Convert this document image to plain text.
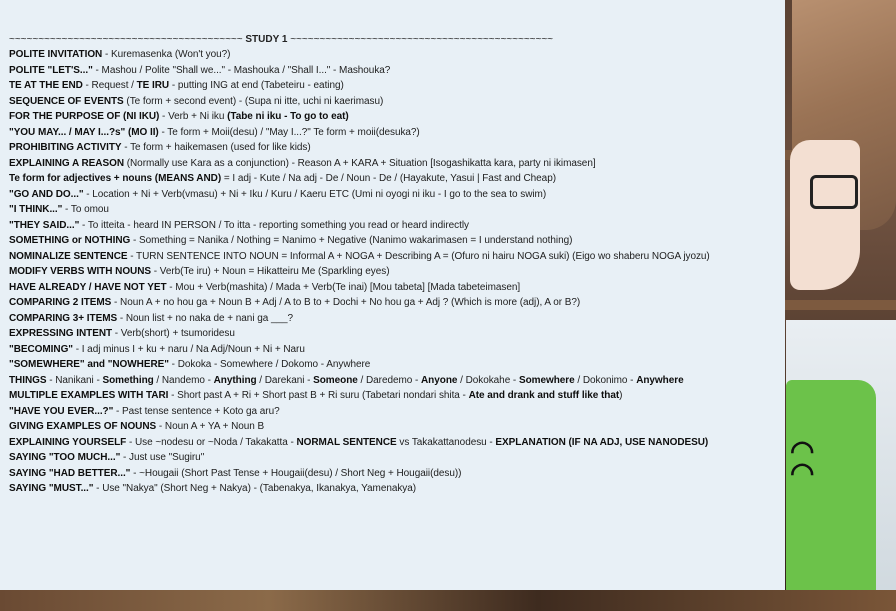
◠
◠
~~~~~~~~~~~~~~~~~~~~~~~~~~~~~~~~~~~~~~~~ STUDY 1 ~~~~~~~~~~~~~~~~~~~~~~~~~~~~~~~~~~~~~~~~~~~~~
POLITE INVITATION - Kuremasenka (Won't you?)
POLITE "LET'S..." - Mashou / Polite "Shall we..." - Mashouka / "Shall I..." - Mashouka?
TE AT THE END - Request / TE IRU - putting ING at end (Tabeteiru - eating)
SEQUENCE OF EVENTS (Te form + second event) - (Supa ni itte, uchi ni kaerimasu)
FOR THE PURPOSE OF (NI IKU) - Verb + Ni iku (Tabe ni iku - To go to eat)
"YOU MAY... / MAY I...?s" (MO II) - Te form + Moii(desu) / "May I...?" Te form + moii(desuka?)
PROHIBITING ACTIVITY - Te form + haikemasen (used for like kids)
EXPLAINING A REASON (Normally use Kara as a conjunction) - Reason A + KARA + Situation [Isogashikatta kara, party ni ikimasen]
Te form for adjectives + nouns (MEANS AND) = I adj - Kute / Na adj - De / Noun - De / (Hayakute, Yasui | Fast and Cheap)
"GO AND DO..." - Location + Ni + Verb(vmasu) + Ni + Iku / Kuru / Kaeru ETC (Umi ni oyogi ni iku - I go to the sea to swim)
"I THINK..." - To omou
"THEY SAID..." - To itteita - heard IN PERSON / To itta - reporting something you read or heard indirectly
SOMETHING or NOTHING - Something = Nanika / Nothing = Nanimo + Negative (Nanimo wakarimasen = I understand nothing)
NOMINALIZE SENTENCE - TURN SENTENCE INTO NOUN = Informal A + NOGA + Describing A = (Ofuro ni hairu NOGA suki) (Eigo wo shaberu NOGA jyozu)
MODIFY VERBS WITH NOUNS - Verb(Te iru) + Noun = Hikatteiru Me (Sparkling eyes)
HAVE ALREADY / HAVE NOT YET - Mou + Verb(mashita) / Mada + Verb(Te inai) [Mou tabeta] [Mada tabeteimasen]
COMPARING 2 ITEMS - Noun A + no hou ga + Noun B + Adj / A to B to + Dochi + No hou ga + Adj ? (Which is more (adj), A or B?)
COMPARING 3+ ITEMS - Noun list + no naka de + nani ga ___?
EXPRESSING INTENT - Verb(short) + tsumoridesu
"BECOMING" - I adj minus I + ku + naru / Na Adj/Noun + Ni + Naru
"SOMEWHERE" and "NOWHERE" - Dokoka - Somewhere / Dokomo - Anywhere
THINGS - Nanikani - Something / Nandemo - Anything / Darekani - Someone / Daredemo - Anyone / Dokokahe - Somewhere / Dokonimo - Anywhere
MULTIPLE EXAMPLES WITH TARI - Short past A + Ri + Short past B + Ri suru (Tabetari nondari shita - Ate and drank and stuff like that)
"HAVE YOU EVER...?" - Past tense sentence + Koto ga aru?
GIVING EXAMPLES OF NOUNS - Noun A + YA + Noun B
EXPLAINING YOURSELF - Use ~nodesu or ~Noda / Takakatta - NORMAL SENTENCE vs Takakattanodesu - EXPLANATION (IF NA ADJ, USE NANODESU)
SAYING "TOO MUCH..." - Just use "Sugiru"
SAYING "HAD BETTER..." - ~Hougaii (Short Past Tense + Hougaii(desu) / Short Neg + Hougaii(desu))
SAYING "MUST..." - Use "Nakya" (Short Neg + Nakya) - (Tabenakya, Ikanakya, Yamenakya)
